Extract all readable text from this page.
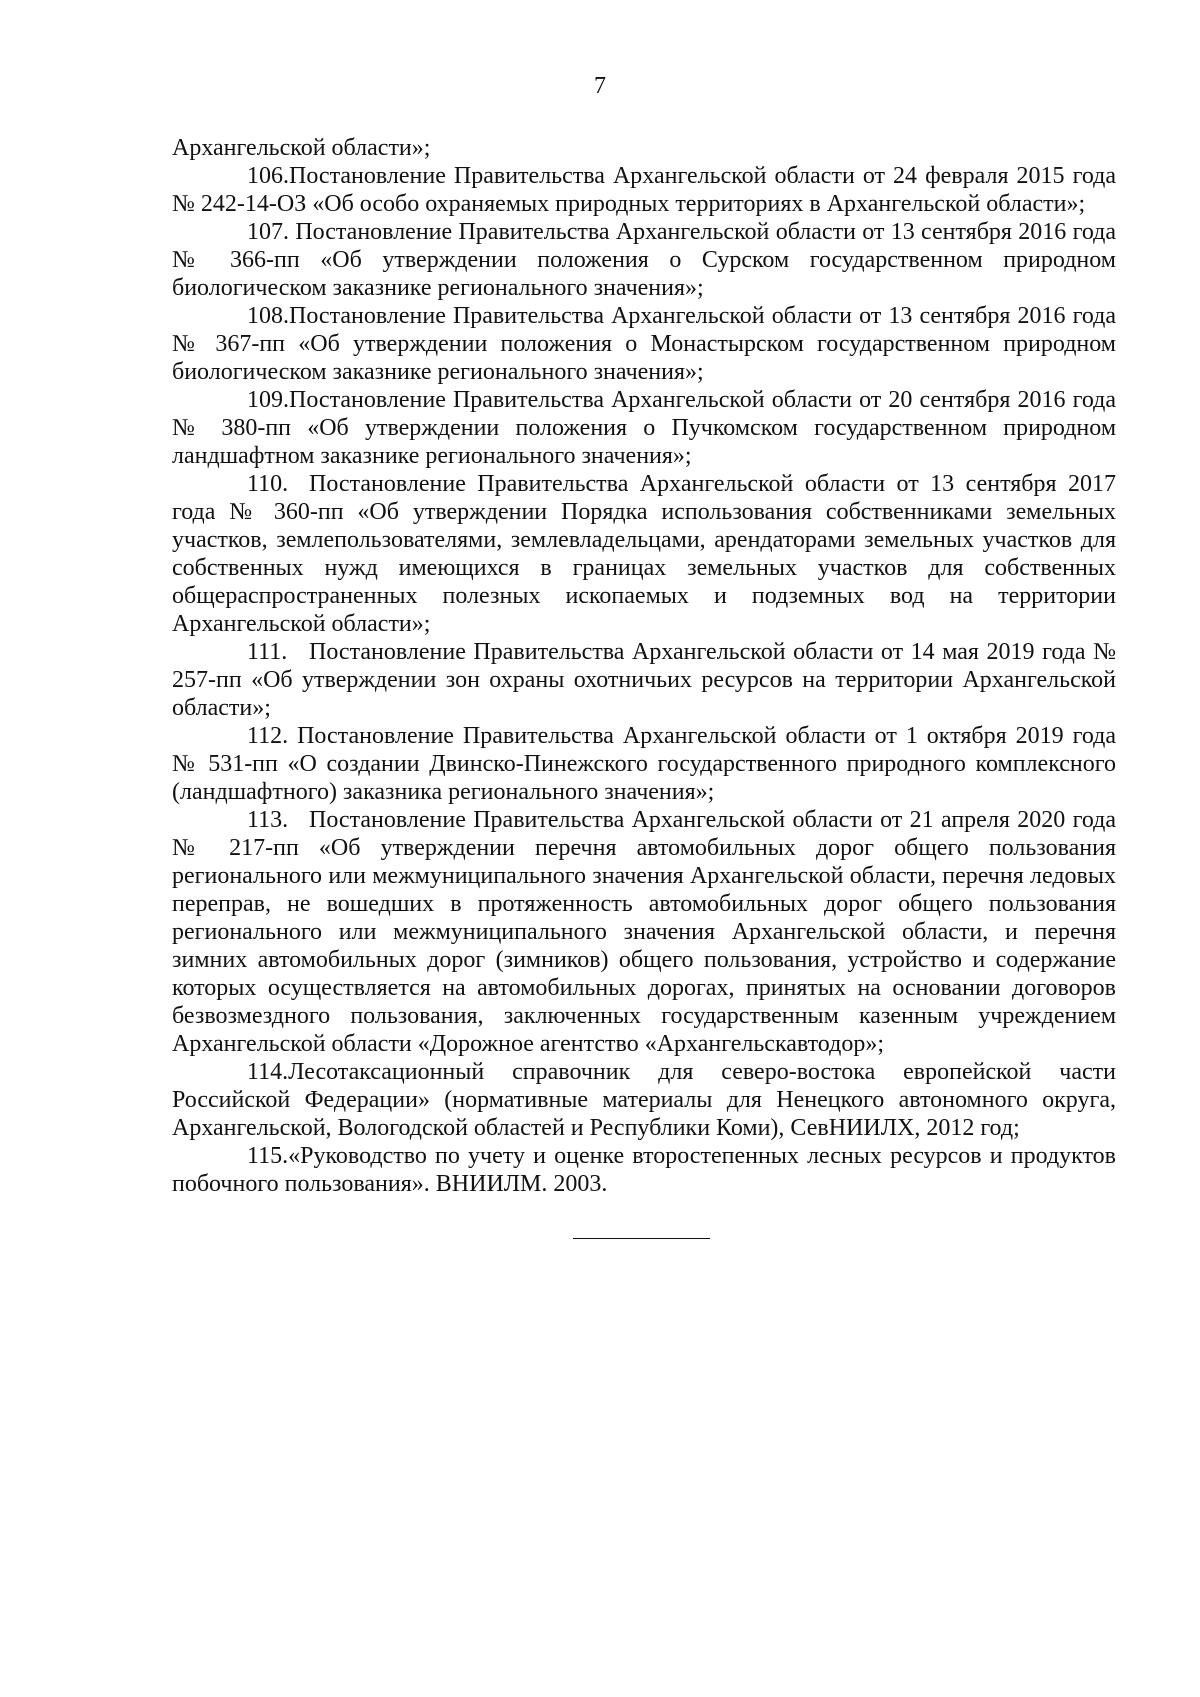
7

Архангельской области»;

106.Постановление Правительства Архангельской области от 24 февраля 2015 года № 242-14-ОЗ «Об особо охраняемых природных территориях в Архангельской области»;

107. Постановление Правительства Архангельской области от 13 сентября 2016 года № 366-пп «Об утверждении положения о Сурском государственном природном биологическом заказнике регионального значения»;

108.Постановление Правительства Архангельской области от 13 сентября 2016 года № 367-пп «Об утверждении положения о Монастырском государственном природном биологическом заказнике регионального значения»;

109.Постановление Правительства Архангельской области от 20 сентября 2016 года № 380-пп «Об утверждении положения о Пучкомском государственном природном ландшафтном заказнике регионального значения»;

110. Постановление Правительства Архангельской области от 13 сентября 2017 года № 360-пп «Об утверждении Порядка использования собственниками земельных участков, землепользователями, землевладельцами, арендаторами земельных участков для собственных нужд имеющихся в границах земельных участков для собственных общераспространенных полезных ископаемых и подземных вод на территории Архангельской области»;

111. Постановление Правительства Архангельской области от 14 мая 2019 года № 257-пп «Об утверждении зон охраны охотничьих ресурсов на территории Архангельской области»;

112. Постановление Правительства Архангельской области от 1 октября 2019 года № 531-пп «О создании Двинско-Пинежского государственного природного комплексного (ландшафтного) заказника регионального значения»;

113. Постановление Правительства Архангельской области от 21 апреля 2020 года № 217-пп «Об утверждении перечня автомобильных дорог общего пользования регионального или межмуниципального значения Архангельской области, перечня ледовых переправ, не вошедших в протяженность автомобильных дорог общего пользования регионального или межмуниципального значения Архангельской области, и перечня зимних автомобильных дорог (зимников) общего пользования, устройство и содержание которых осуществляется на автомобильных дорогах, принятых на основании договоров безвозмездного пользования, заключенных государственным казенным учреждением Архангельской области «Дорожное агентство «Архангельскавтодор»;

114.Лесотаксационный справочник для северо-востока европейской части Российской Федерации» (нормативные материалы для Ненецкого автономного округа, Архангельской, Вологодской областей и Республики Коми), СевНИИЛХ, 2012 год;

115.«Руководство по учету и оценке второстепенных лесных ресурсов и продуктов побочного пользования». ВНИИЛМ. 2003.
